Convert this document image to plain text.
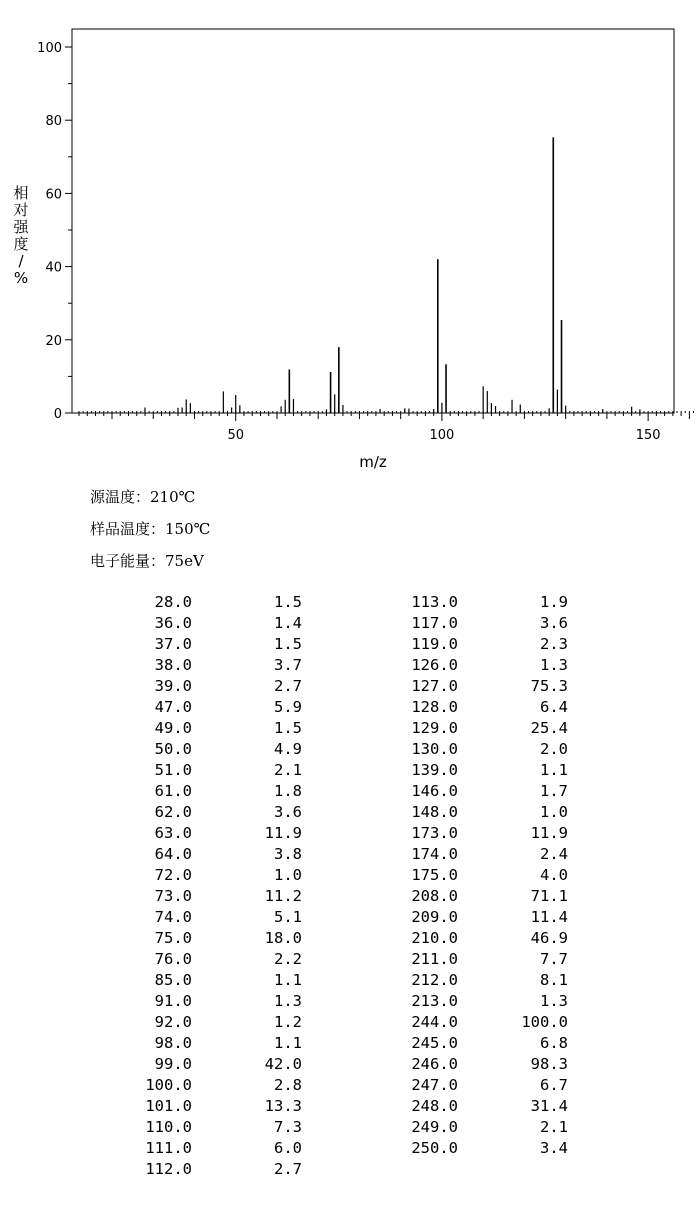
0
20
40
60
80
100
50	100	150
m/z
相对强度/ %
源温度：210℃
样品温度：150℃
电子能量：75eV
28.0	1.5
36.0	1.4
37.0	1.5
38.0	3.7
39.0	2.7
47.0	5.9
49.0	1.5
50.0	4.9
51.0	2.1
61.0	1.8
62.0	3.6
63.0	11.9
64.0	3.8
72.0	1.0
73.0	11.2
74.0	5.1
75.0	18.0
76.0	2.2
85.0	1.1
91.0	1.3
92.0	1.2
98.0	1.1
99.0	42.0
100.0	2.8
101.0	13.3
110.0	7.3
111.0	6.0
112.0	2.7
113.0	1.9
117.0	3.6
119.0	2.3
126.0	1.3
127.0	75.3
128.0	6.4
129.0	25.4
130.0	2.0
139.0	1.1
146.0	1.7
148.0	1.0
173.0	11.9
174.0	2.4
175.0	4.0
208.0	71.1
209.0	11.4
210.0	46.9
211.0	7.7
212.0	8.1
213.0	1.3
244.0	100.0
245.0	6.8
246.0	98.3
247.0	6.7
248.0	31.4
249.0	2.1
250.0	3.4
